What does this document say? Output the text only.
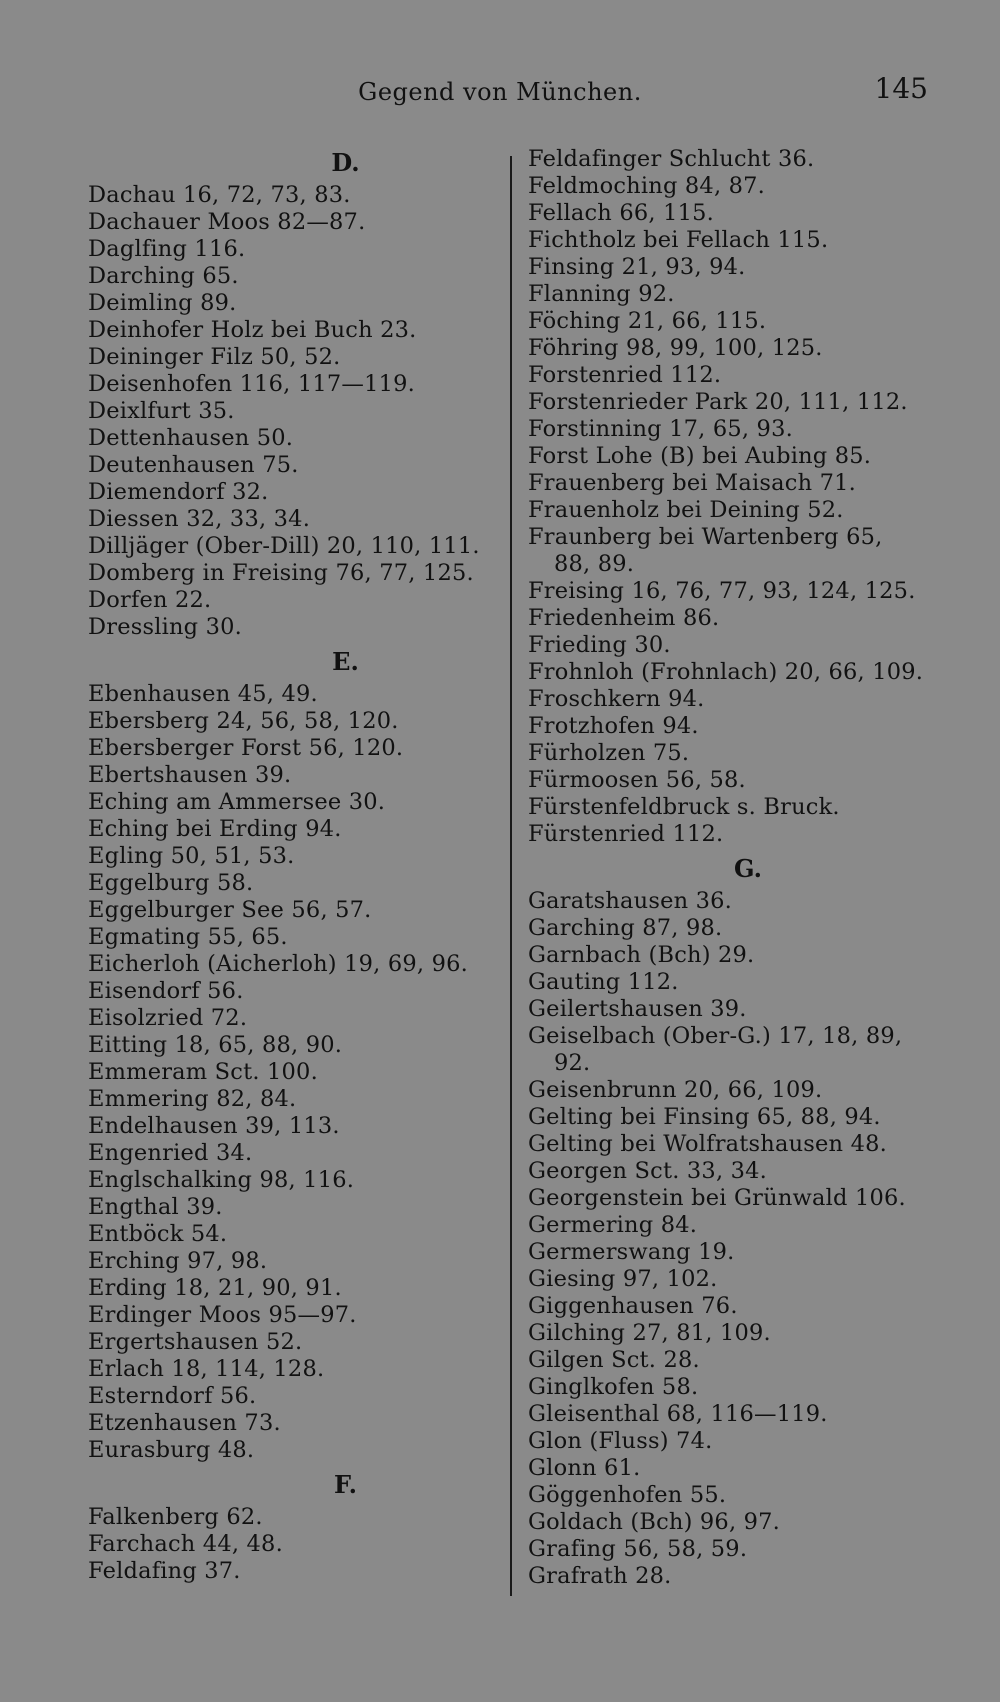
Gegend von München.	145
D.
Dachau 16, 72, 73, 83.
Dachauer Moos 82—87.
Daglfing 116.
Darching 65.
Deimling 89.
Deinhofer Holz bei Buch 23.
Deininger Filz 50, 52.
Deisenhofen 116, 117—119.
Deixlfurt 35.
Dettenhausen 50.
Deutenhausen 75.
Diemendorf 32.
Diessen 32, 33, 34.
Dilljäger (Ober-Dill) 20, 110, 111.
Domberg in Freising 76, 77, 125.
Dorfen 22.
Dressling 30.
E.
Ebenhausen 45, 49.
Ebersberg 24, 56, 58, 120.
Ebersberger Forst 56, 120.
Ebertshausen 39.
Eching am Ammersee 30.
Eching bei Erding 94.
Egling 50, 51, 53.
Eggelburg 58.
Eggelburger See 56, 57.
Egmating 55, 65.
Eicherloh (Aicherloh) 19, 69, 96.
Eisendorf 56.
Eisolzried 72.
Eitting 18, 65, 88, 90.
Emmeram Sct. 100.
Emmering 82, 84.
Endelhausen 39, 113.
Engenried 34.
Englschalking 98, 116.
Engthal 39.
Entböck 54.
Erching 97, 98.
Erding 18, 21, 90, 91.
Erdinger Moos 95—97.
Ergertshausen 52.
Erlach 18, 114, 128.
Esterndorf 56.
Etzenhausen 73.
Eurasburg 48.
F.
Falkenberg 62.
Farchach 44, 48.
Feldafing 37.
Feldafinger Schlucht 36.
Feldmoching 84, 87.
Fellach 66, 115.
Fichtholz bei Fellach 115.
Finsing 21, 93, 94.
Flanning 92.
Föching 21, 66, 115.
Föhring 98, 99, 100, 125.
Forstenried 112.
Forstenrieder Park 20, 111, 112.
Forstinning 17, 65, 93.
Forst Lohe (B) bei Aubing 85.
Frauenberg bei Maisach 71.
Frauenholz bei Deining 52.
Fraunberg bei Wartenberg 65,
88, 89.
Freising 16, 76, 77, 93, 124, 125.
Friedenheim 86.
Frieding 30.
Frohnloh (Frohnlach) 20, 66, 109.
Froschkern 94.
Frotzhofen 94.
Fürholzen 75.
Fürmoosen 56, 58.
Fürstenfeldbruck s. Bruck.
Fürstenried 112.
G.
Garatshausen 36.
Garching 87, 98.
Garnbach (Bch) 29.
Gauting 112.
Geilertshausen 39.
Geiselbach (Ober-G.) 17, 18, 89,
92.
Geisenbrunn 20, 66, 109.
Gelting bei Finsing 65, 88, 94.
Gelting bei Wolfratshausen 48.
Georgen Sct. 33, 34.
Georgenstein bei Grünwald 106.
Germering 84.
Germerswang 19.
Giesing 97, 102.
Giggenhausen 76.
Gilching 27, 81, 109.
Gilgen Sct. 28.
Ginglkofen 58.
Gleisenthal 68, 116—119.
Glon (Fluss) 74.
Glonn 61.
Göggenhofen 55.
Goldach (Bch) 96, 97.
Grafing 56, 58, 59.
Grafrath 28.
